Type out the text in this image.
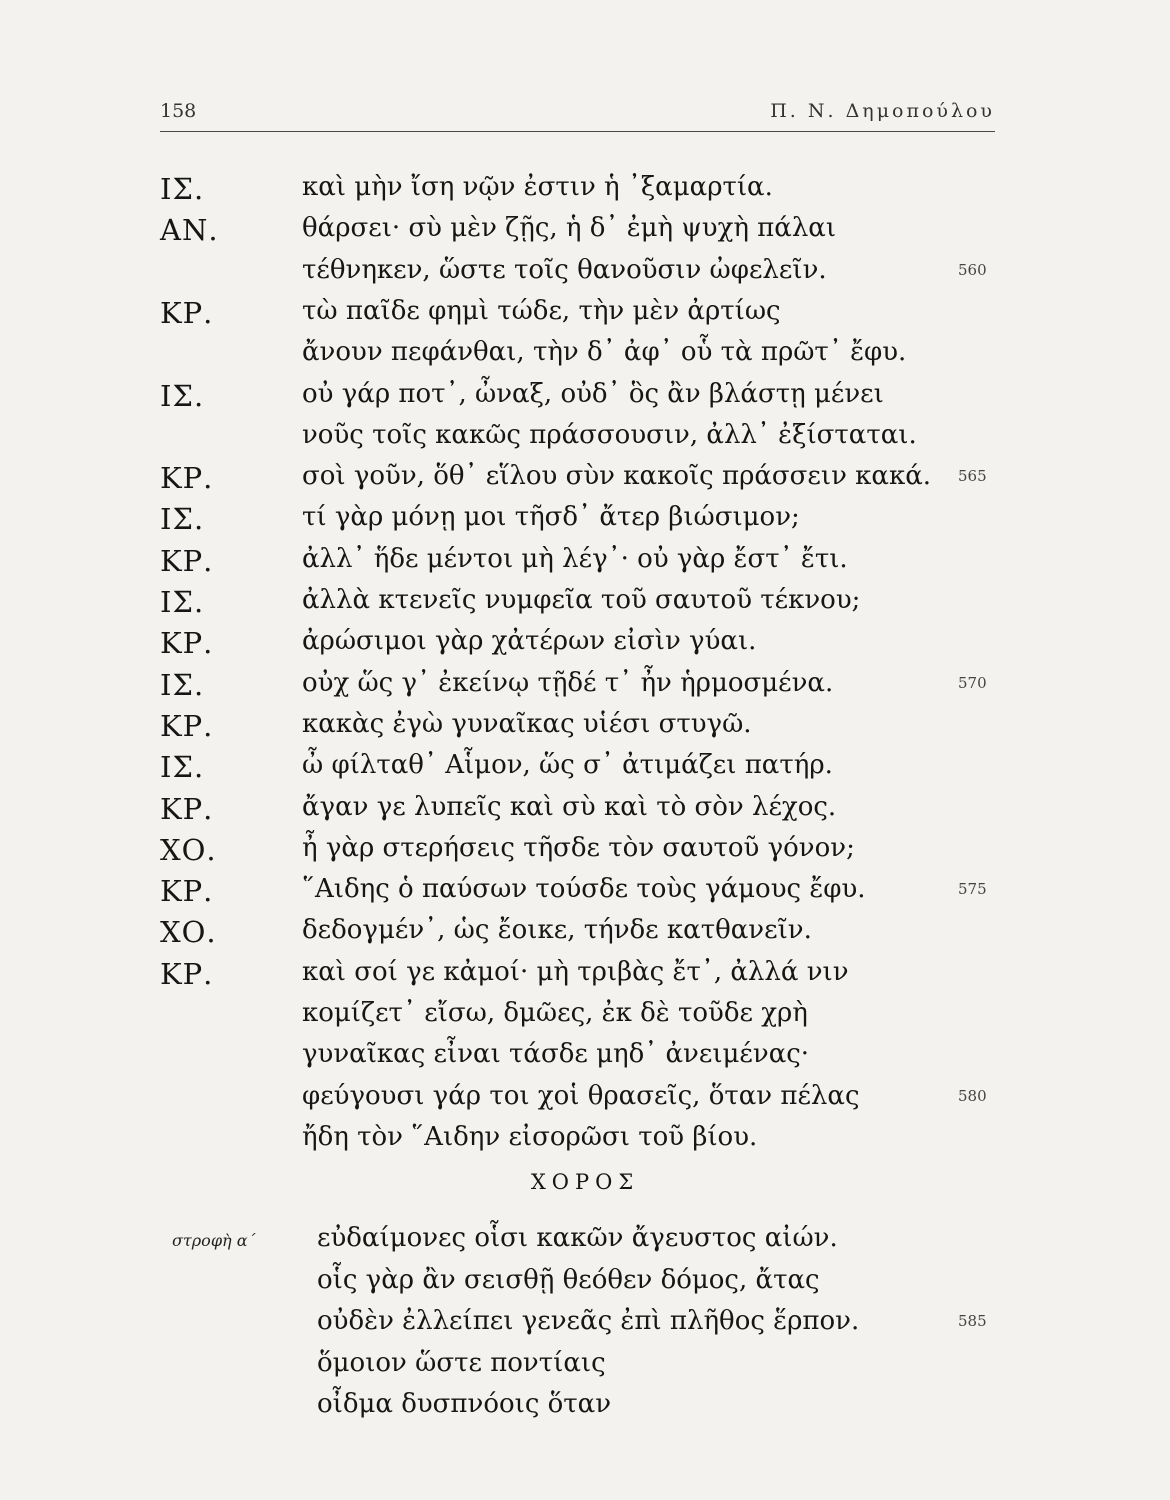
158	Π. Ν. Δημοπούλου
ΙΣ.	καὶ μὴν ἴση νῷν ἐστιν ἡ ᾿ξαμαρτία.
ΑΝ.	θάρσει· σὺ μὲν ζῇς, ἡ δ᾿ ἐμὴ ψυχὴ πάλαι
τέθνηκεν, ὥστε τοῖς θανοῦσιν ὠφελεῖν.	560
ΚΡ.	τὼ παῖδε φημὶ τώδε, τὴν μὲν ἀρτίως
ἄνουν πεφάνθαι, τὴν δ᾿ ἀφ᾿ οὗ τὰ πρῶτ᾿ ἔφυ.
ΙΣ.	οὐ γάρ ποτ᾿, ὦναξ, οὐδ᾿ ὃς ἂν βλάστῃ μένει
νοῦς τοῖς κακῶς πράσσουσιν, ἀλλ᾿ ἐξίσταται.
ΚΡ.	σοὶ γοῦν, ὅθ᾿ εἵλου σὺν κακοῖς πράσσειν κακά. 565
ΙΣ.	τί γὰρ μόνῃ μοι τῆσδ᾿ ἄτερ βιώσιμον;
ΚΡ.	ἀλλ᾿ ἥδε μέντοι μὴ λέγ᾿· οὐ γὰρ ἔστ᾿ ἔτι.
ΙΣ.	ἀλλὰ κτενεῖς νυμφεῖα τοῦ σαυτοῦ τέκνου;
ΚΡ.	ἀρώσιμοι γὰρ χἀτέρων εἰσὶν γύαι.
ΙΣ.	οὐχ ὥς γ᾿ ἐκείνῳ τῇδέ τ᾿ ἦν ἡρμοσμένα.	570
ΚΡ.	κακὰς ἐγὼ γυναῖκας υἱέσι στυγῶ.
ΙΣ.	ὦ φίλταθ᾿ Αἷμον, ὥς σ᾿ ἀτιμάζει πατήρ.
ΚΡ.	ἄγαν γε λυπεῖς καὶ σὺ καὶ τὸ σὸν λέχος.
ΧΟ.	ἦ γὰρ στερήσεις τῆσδε τὸν σαυτοῦ γόνον;
ΚΡ.	῞Αιδης ὁ παύσων τούσδε τοὺς γάμους ἔφυ.	575
ΧΟ.	δεδογμέν᾿, ὡς ἔοικε, τήνδε κατθανεῖν.
ΚΡ.	καὶ σοί γε κἀμοί· μὴ τριβὰς ἔτ᾿, ἀλλά νιν
κομίζετ᾿ εἴσω, δμῶες, ἐκ δὲ τοῦδε χρὴ
γυναῖκας εἶναι τάσδε μηδ᾿ ἀνειμένας·
φεύγουσι γάρ τοι χοἱ θρασεῖς, ὅταν πέλας	580
ἤδη τὸν ῞Αιδην εἰσορῶσι τοῦ βίου.
ΧΟΡΟΣ
στροφὴ α´ εὐδαίμονες οἷσι κακῶν ἄγευστος αἰών.
οἷς γὰρ ἂν σεισθῇ θεόθεν δόμος, ἄτας
οὐδὲν ἐλλείπει γενεᾶς ἐπὶ πλῆθος ἕρπον.	585
ὅμοιον ὥστε ποντίαις
οἶδμα δυσπνόοις ὅταν
